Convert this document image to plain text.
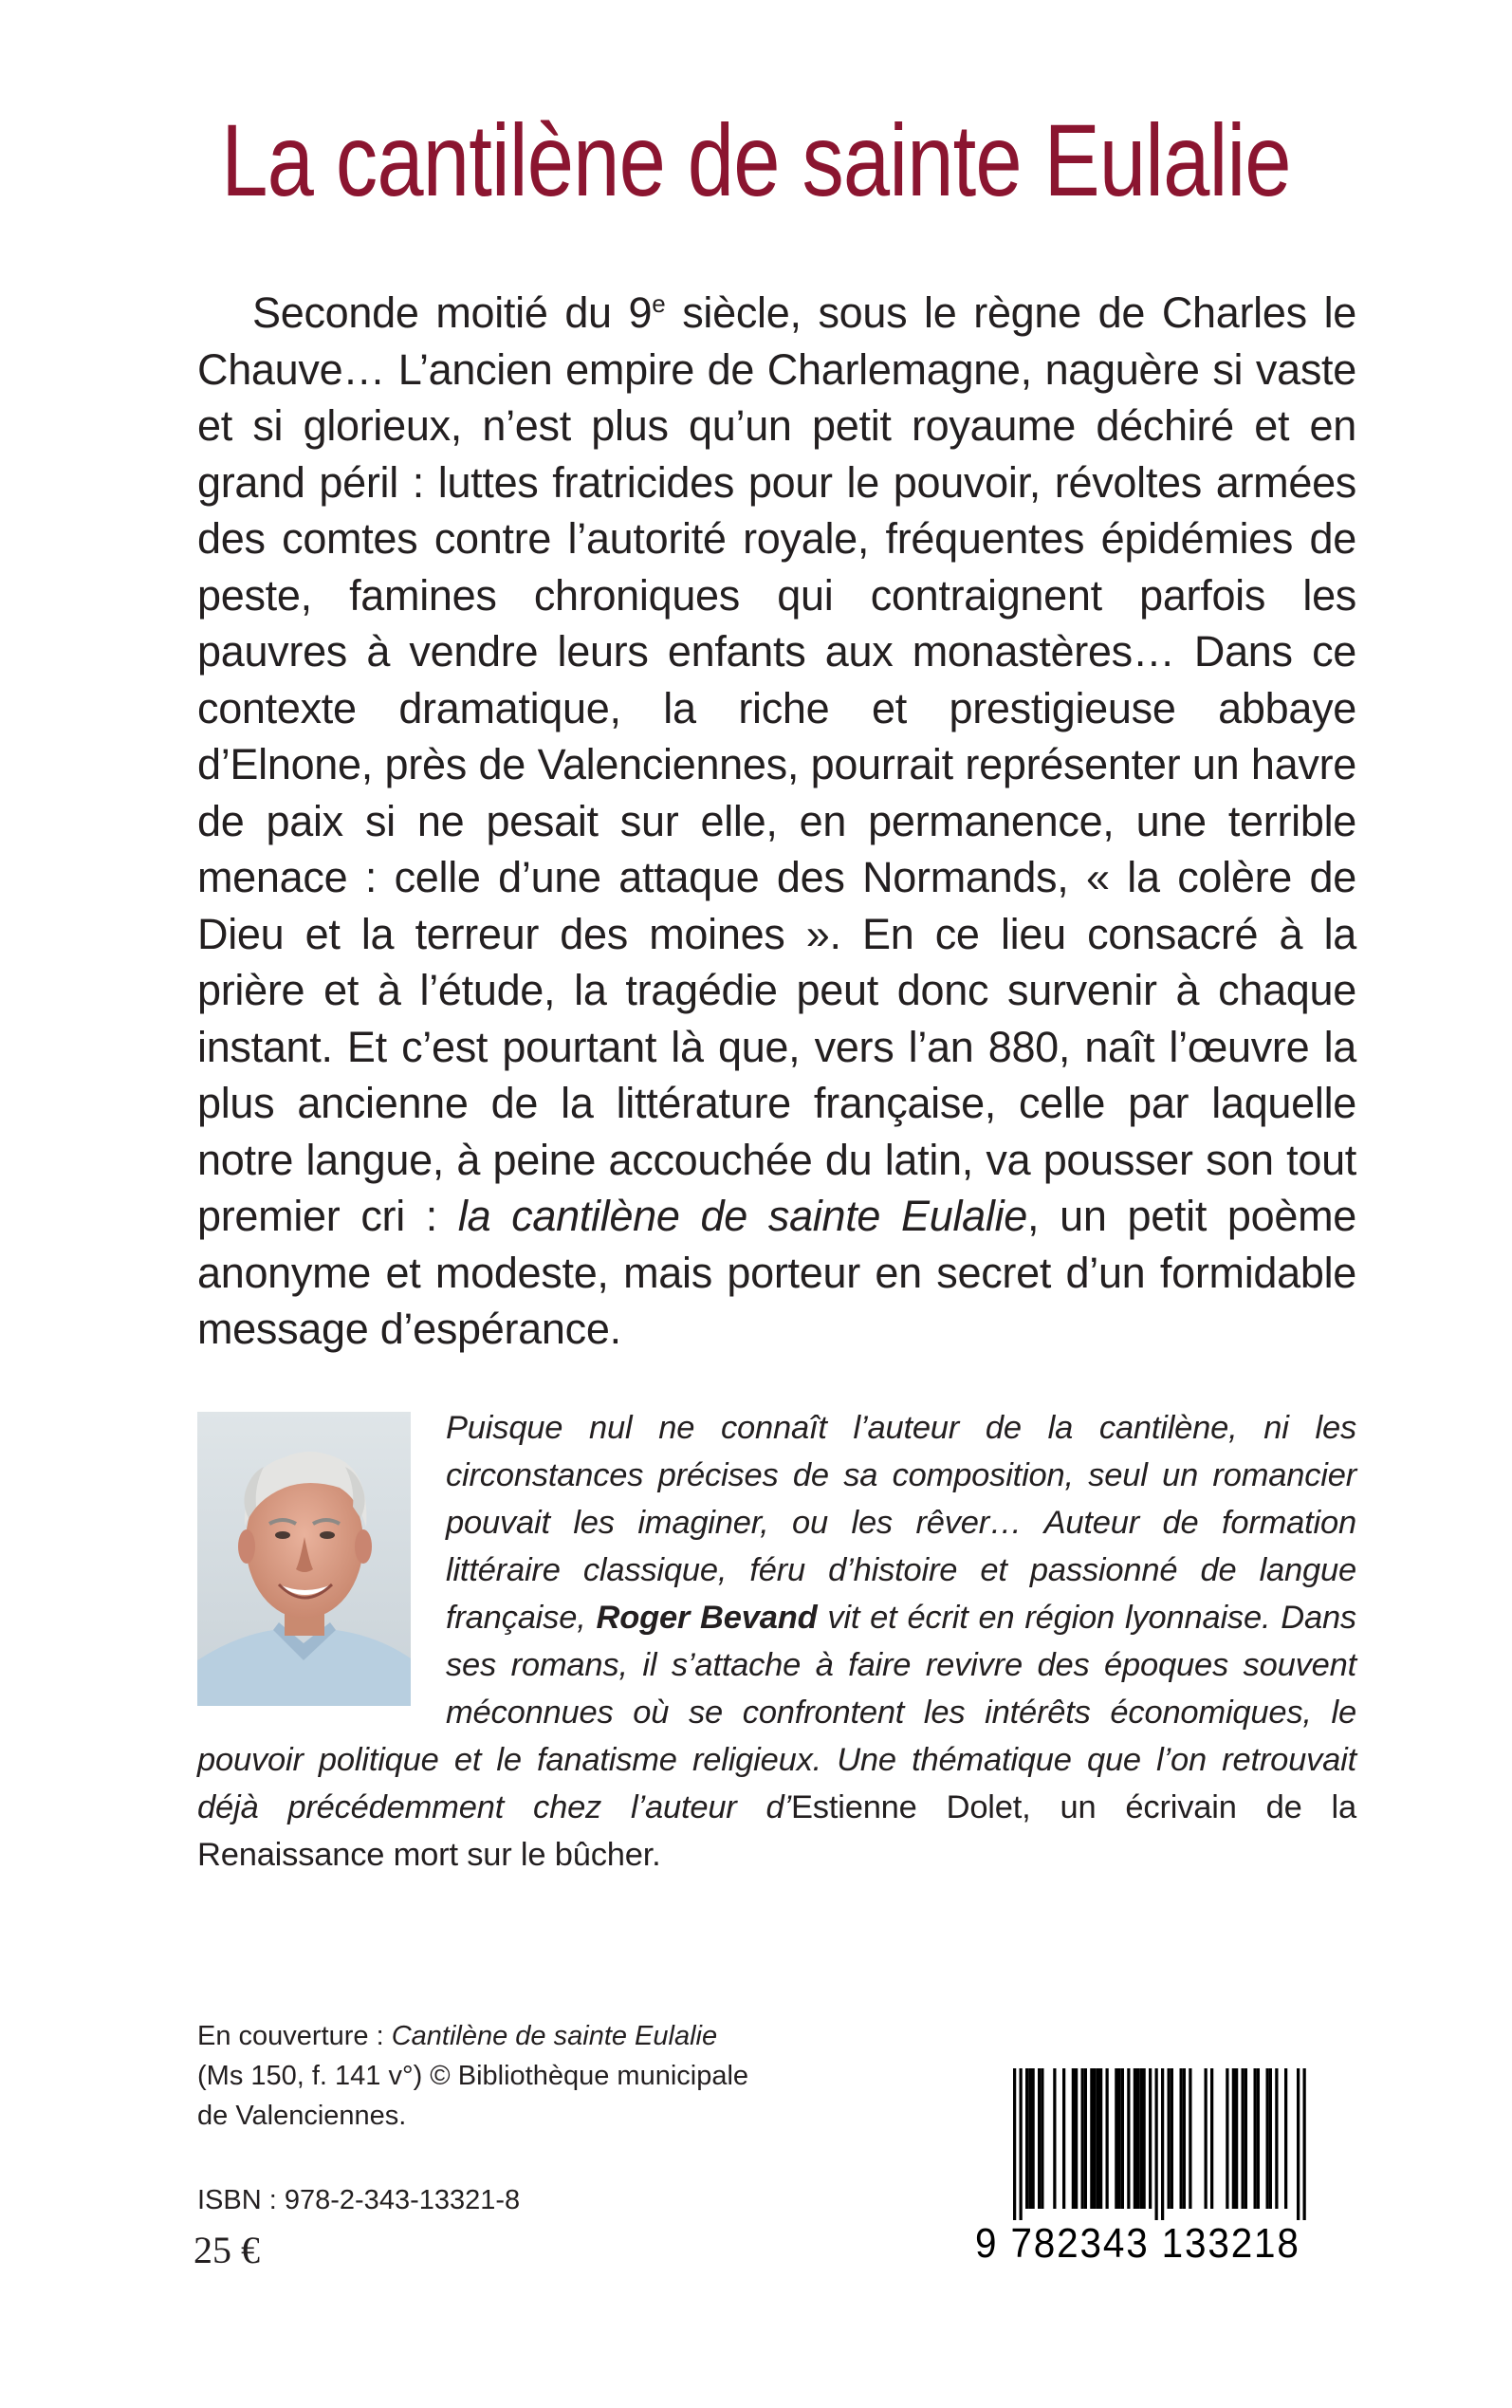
La cantilène de sainte Eulalie

Seconde moitié du 9e siècle, sous le règne de Charles le Chauve… L’ancien empire de Charlemagne, naguère si vaste et si glorieux, n’est plus qu’un petit royaume déchiré et en grand péril : luttes fratricides pour le pouvoir, révoltes armées des comtes contre l’autorité royale, fréquentes épidémies de peste, famines chroniques qui contraignent parfois les pauvres à vendre leurs enfants aux monastères… Dans ce contexte dramatique, la riche et prestigieuse abbaye d’Elnone, près de Valenciennes, pourrait représenter un havre de paix si ne pesait sur elle, en permanence, une terrible menace : celle d’une attaque des Normands, « la colère de Dieu et la terreur des moines ». En ce lieu consacré à la prière et à l’étude, la tragédie peut donc survenir à chaque instant. Et c’est pourtant là que, vers l’an 880, naît l’œuvre la plus ancienne de la littérature française, celle par laquelle notre langue, à peine accouchée du latin, va pousser son tout premier cri : la cantilène de sainte Eulalie, un petit poème anonyme et modeste, mais porteur en secret d’un formidable message d’espérance.

Puisque nul ne connaît l’auteur de la cantilène, ni les circonstances précises de sa composition, seul un romancier pouvait les imaginer, ou les rêver… Auteur de formation littéraire classique, féru d’histoire et passionné de langue française, Roger Bevand vit et écrit en région lyonnaise. Dans ses romans, il s’attache à faire revivre des époques souvent méconnues où se confrontent les intérêts économiques, le pouvoir politique et le fanatisme religieux. Une thématique que l’on retrouvait déjà précédemment chez l’auteur d’Estienne Dolet, un écrivain de la Renaissance mort sur le bûcher.

En couverture : Cantilène de sainte Eulalie
(Ms 150, f. 141 v°) © Bibliothèque municipale
de Valenciennes.

ISBN : 978-2-343-13321-8

25 €	9 782343 133218
